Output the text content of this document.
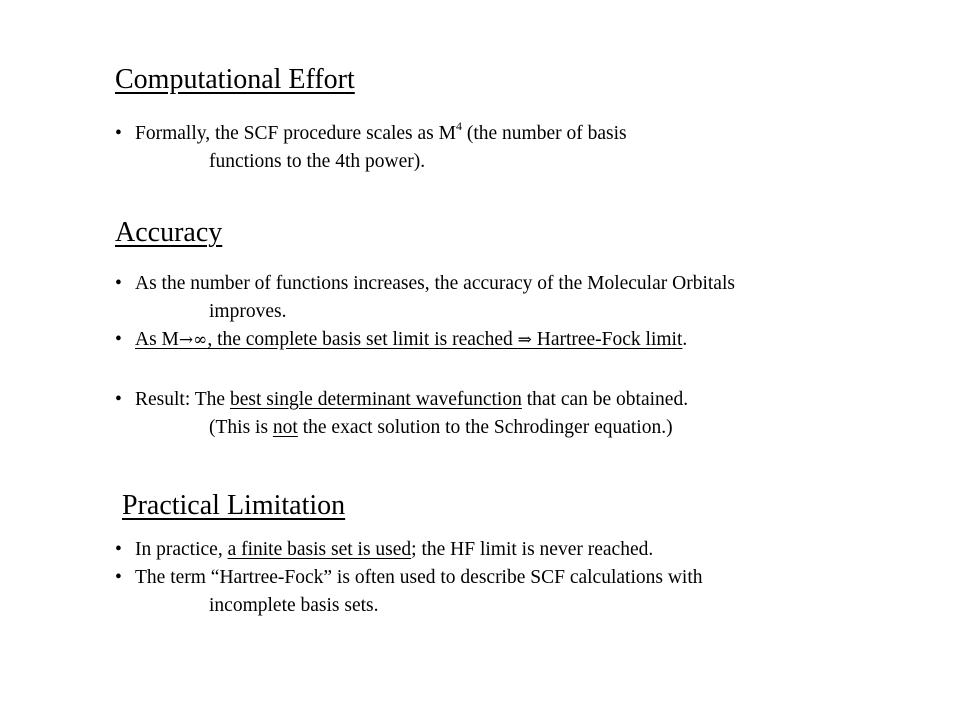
Computational Effort
• Formally, the SCF procedure scales as $M^4$ (the number of basis
functions to the 4th power).
Accuracy
• As the number of functions increases, the accuracy of the Molecular Orbitals
improves.
• As M→∞, the complete basis set limit is reached ⇒ Hartree-Fock limit.
• Result: The best single determinant wavefunction that can be obtained.
(This is not the exact solution to the Schrodinger equation.)
Practical Limitation
• In practice, a finite basis set is used; the HF limit is never reached.
• The term “Hartree-Fock” is often used to describe SCF calculations with
incomplete basis sets.
